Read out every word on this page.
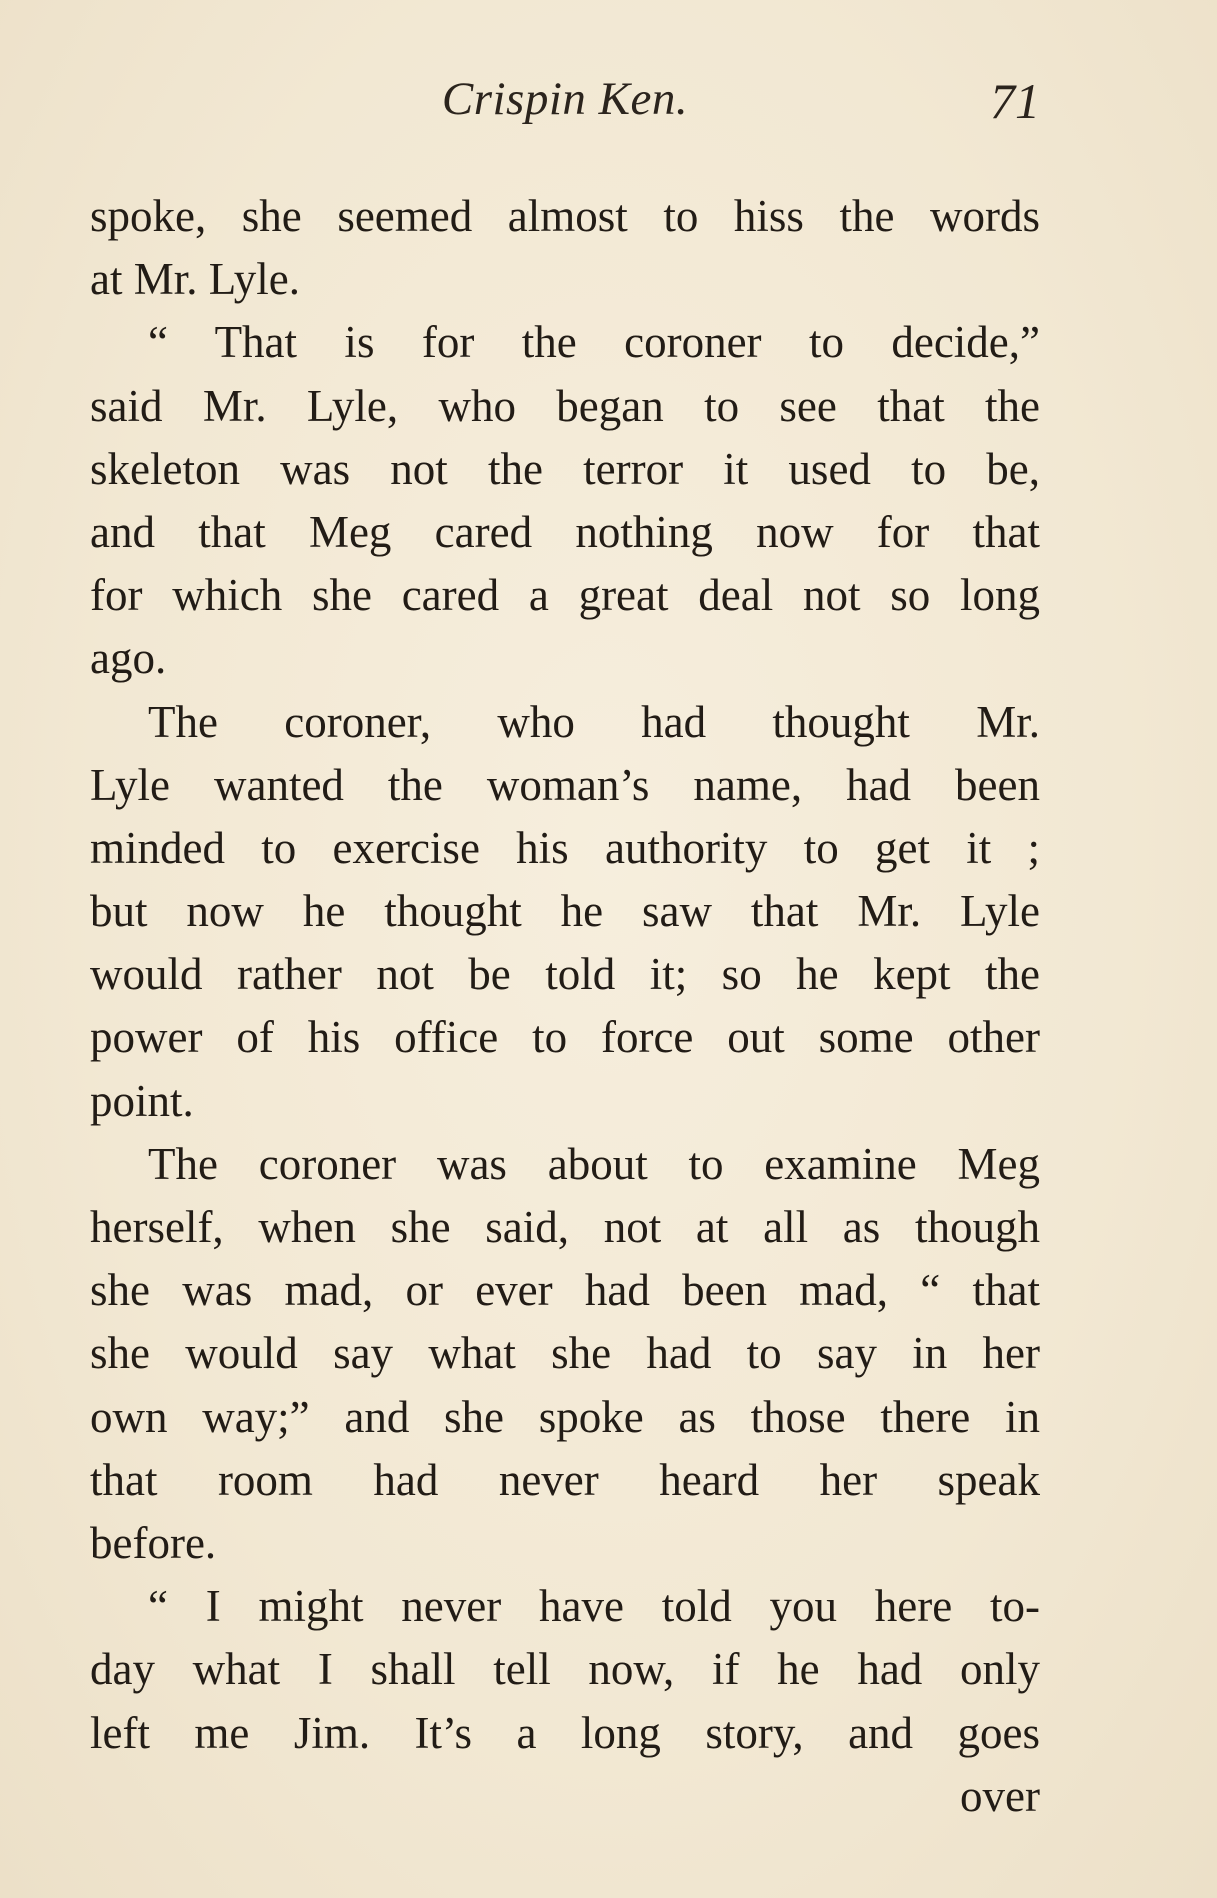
Crispin Ken.	71
spoke, she seemed almost to hiss the words
at Mr. Lyle.
“ That is for the coroner to decide,”
said Mr. Lyle, who began to see that the
skeleton was not the terror it used to be,
and that Meg cared nothing now for that
for which she cared a great deal not so long
ago.
The coroner, who had thought Mr.
Lyle wanted the woman’s name, had been
minded to exercise his authority to get it ;
but now he thought he saw that Mr. Lyle
would rather not be told it; so he kept the
power of his office to force out some other
point.
The coroner was about to examine Meg
herself, when she said, not at all as though
she was mad, or ever had been mad, “ that
she would say what she had to say in her
own way;” and she spoke as those there in
that room had never heard her speak
before.
“ I might never have told you here to-
day what I shall tell now, if he had only
left me Jim. It’s a long story, and goes
over
